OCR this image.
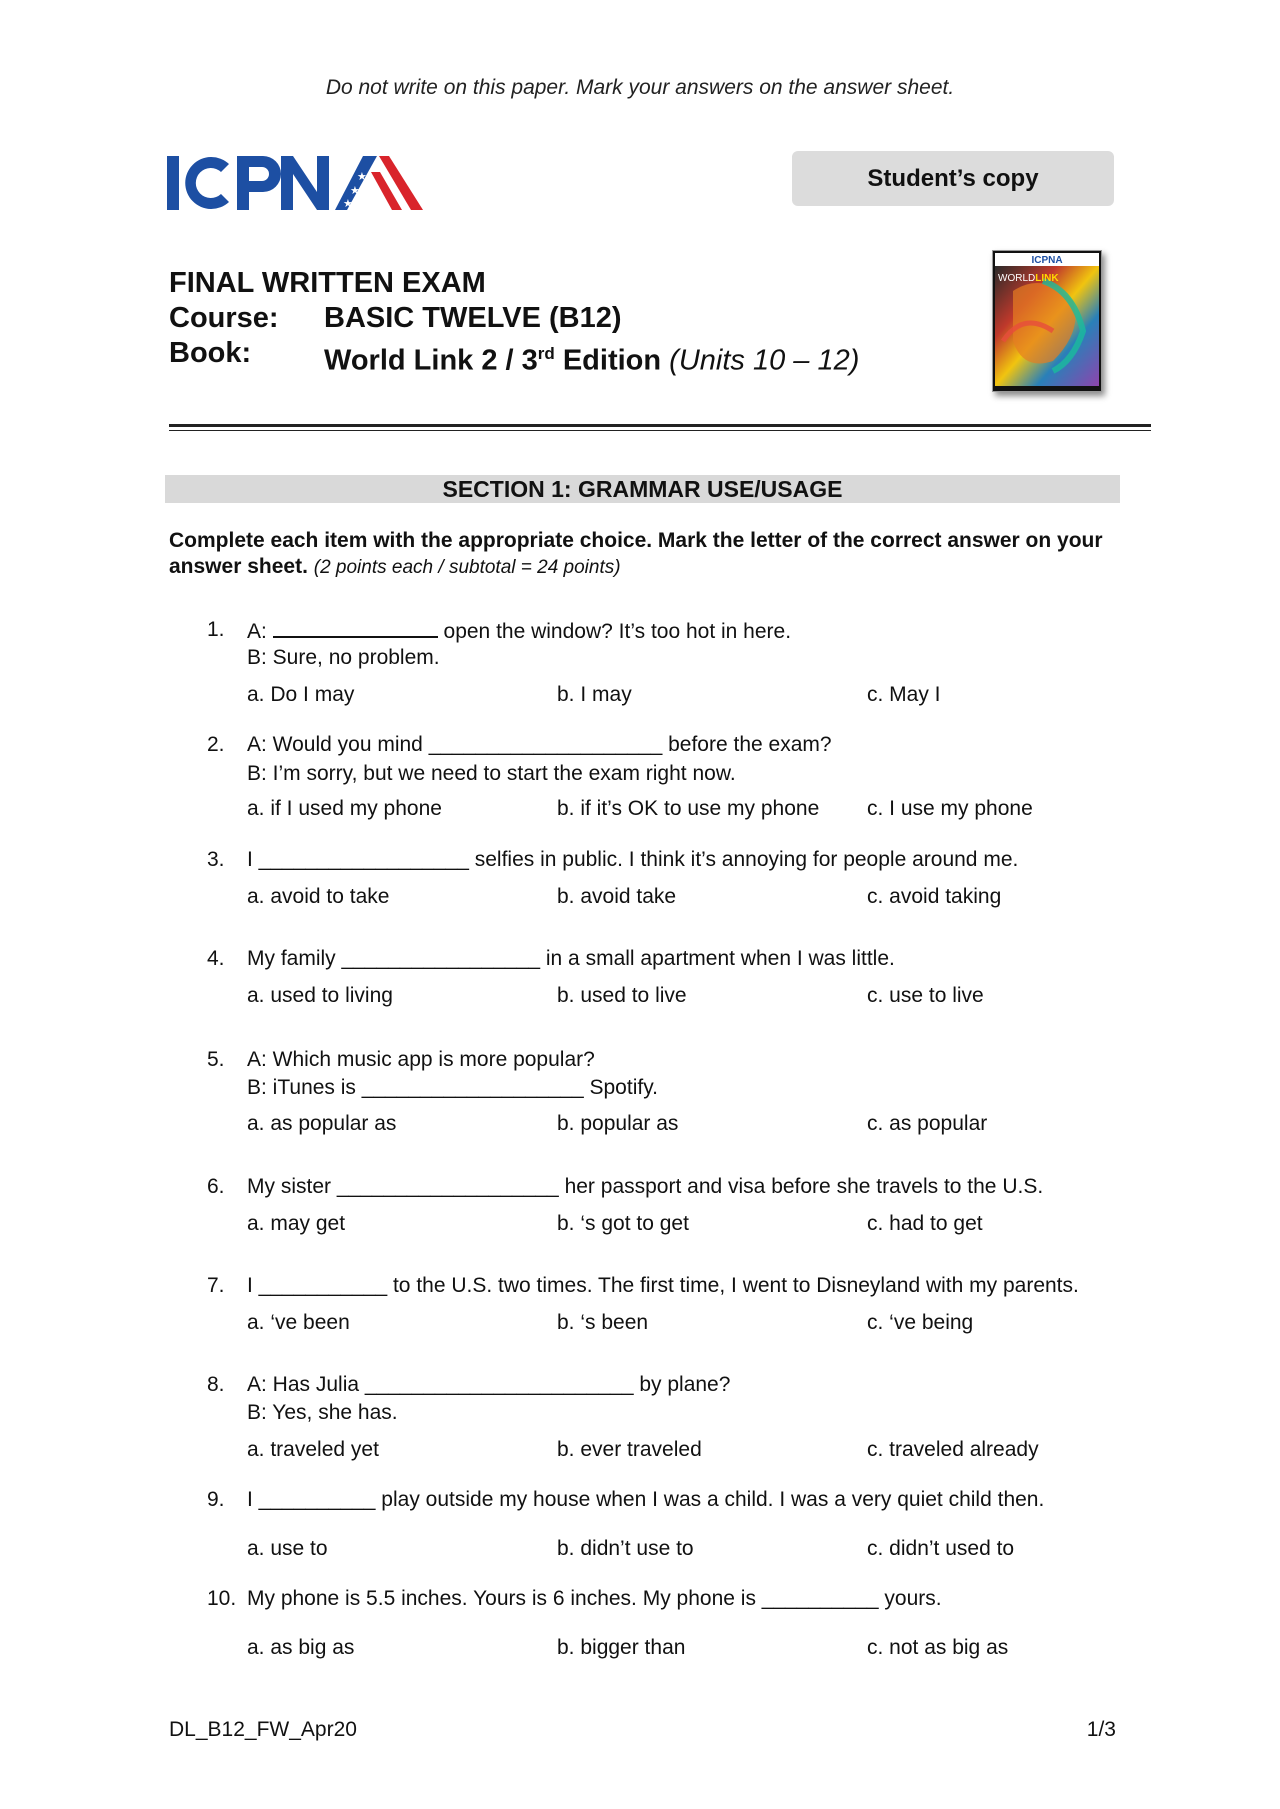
Do not write on this paper. Mark your answers on the answer sheet.
★
★
★
Student’s copy
FINAL WRITTEN EXAM
Course:	BASIC TWELVE (B12)
Book:	World Link 2 / 3rd Edition (Units 10 – 12)
ICPNA
WORLDLINK
SECTION 1: GRAMMAR USE/USAGE
Complete each item with the appropriate choice. Mark the letter of the correct answer on your answer sheet. (2 points each / subtotal = 24 points)
1. A:	open the window? It’s too hot in here.
B: Sure, no problem.
a. Do I may	b. I may	c. May I
2. A: Would you mind ____________________ before the exam?
B: I’m sorry, but we need to start the exam right now.
a. if I used my phone	b. if it’s OK to use my phone c. I use my phone
3. I __________________ selfies in public. I think it’s annoying for people around me.
a. avoid to take	b. avoid take	c. avoid taking
4. My family _________________ in a small apartment when I was little.
a. used to living	b. used to live	c. use to live
5. A: Which music app is more popular?
B: iTunes is ___________________ Spotify.
a. as popular as	b. popular as	c. as popular
6. My sister ___________________ her passport and visa before she travels to the U.S.
a. may get	b. ‘s got to get	c. had to get
7. I ___________ to the U.S. two times. The first time, I went to Disneyland with my parents.
a. ‘ve been	b. ‘s been	c. ‘ve being
8. A: Has Julia _______________________ by plane?
B: Yes, she has.
a. traveled yet	b. ever traveled	c. traveled already
9. I __________ play outside my house when I was a child. I was a very quiet child then.
a. use to	b. didn’t use to	c. didn’t used to
10. My phone is 5.5 inches. Yours is 6 inches. My phone is __________ yours.
a. as big as	b. bigger than	c. not as big as
DL_B12_FW_Apr20	1/3
